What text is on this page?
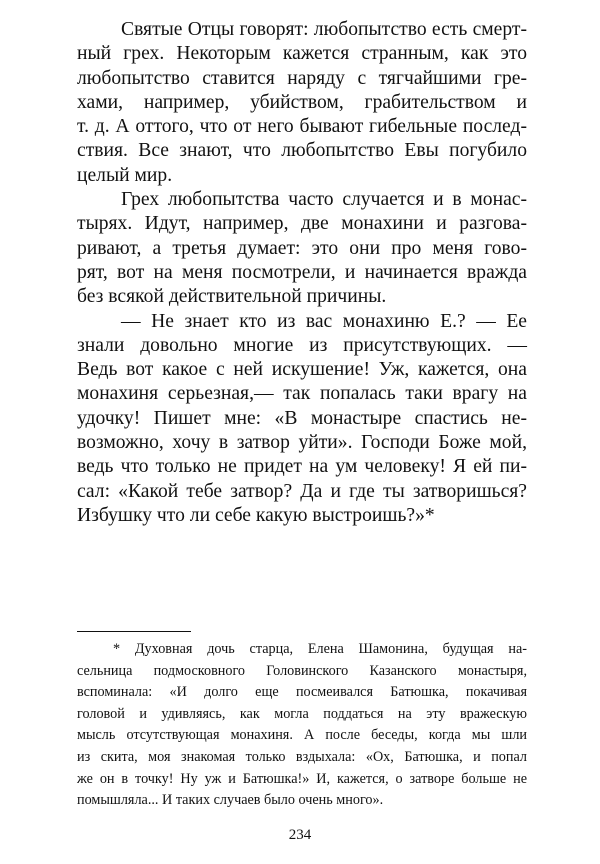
Святые Отцы говорят: любопытство есть смерт-
ный грех. Некоторым кажется странным, как это
любопытство ставится наряду с тягчайшими гре-
хами, например, убийством, грабительством и
т. д. А оттого, что от него бывают гибельные послед-
ствия. Все знают, что любопытство Евы погубило
целый мир.

Грех любопытства часто случается и в монас-
тырях. Идут, например, две монахини и разгова-
ривают, а третья думает: это они про меня гово-
рят, вот на меня посмотрели, и начинается вражда
без всякой действительной причины.

— Не знает кто из вас монахиню Е.? — Ее
знали довольно многие из присутствующих. —
Ведь вот какое с ней искушение! Уж, кажется, она
монахиня серьезная,— так попалась таки врагу на
удочку! Пишет мне: «В монастыре спастись не-
возможно, хочу в затвор уйти». Господи Боже мой,
ведь что только не придет на ум человеку! Я ей пи-
сал: «Какой тебе затвор? Да и где ты затворишься?
Избушку что ли себе какую выстроишь?»*

* Духовная дочь старца, Елена Шамонина, будущая на-
сельница подмосковного Головинского Казанского монастыря,
вспоминала: «И долго еще посмеивался Батюшка, покачивая
головой и удивляясь, как могла поддаться на эту вражескую
мысль отсутствующая монахиня. А после беседы, когда мы шли
из скита, моя знакомая только вздыхала: «Ох, Батюшка, и попал
же он в точку! Ну уж и Батюшка!» И, кажется, о затворе больше не
помышляла... И таких случаев было очень много».
234
